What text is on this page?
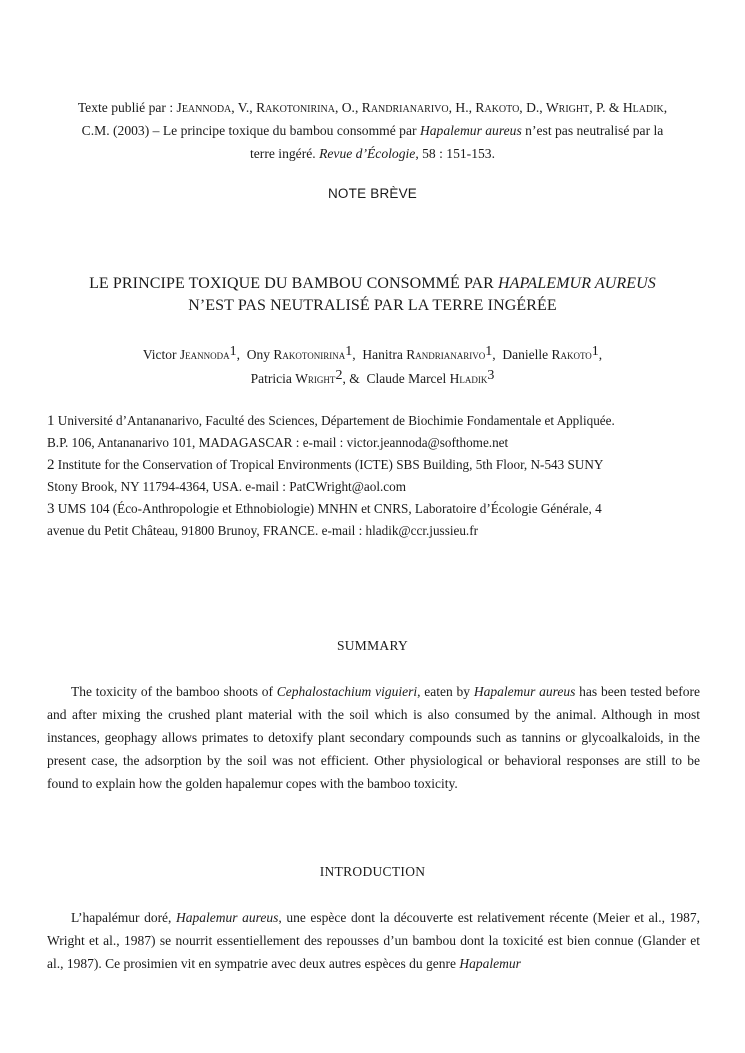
Texte publié par : Jeannoda, V., Rakotonirina, O., Randrianarivo, H., Rakoto, D., Wright, P. & Hladik,
C.M. (2003) – Le principe toxique du bambou consommé par Hapalemur aureus n’est pas neutralisé par la
terre ingéré. Revue d’Écologie, 58 : 151-153.
NOTE BRÈVE
LE PRINCIPE TOXIQUE DU BAMBOU CONSOMMÉ PAR HAPALEMUR AUREUS
N’EST PAS NEUTRALISÉ PAR LA TERRE INGÉRÉE
Victor Jeannoda1,  Ony Rakotonirina1,  Hanitra Randrianarivo1,  Danielle Rakoto1,
Patricia Wright2, &  Claude Marcel Hladik3
1 Université d’Antananarivo, Faculté des Sciences, Département de Biochimie Fondamentale et Appliquée.
B.P. 106, Antananarivo 101, MADAGASCAR : e-mail : victor.jeannoda@softhome.net
2 Institute for the Conservation of Tropical Environments (ICTE) SBS Building, 5th Floor, N-543 SUNY
Stony Brook, NY 11794-4364, USA. e-mail : PatCWright@aol.com
3 UMS 104 (Éco-Anthropologie et Ethnobiologie) MNHN et CNRS, Laboratoire d’Écologie Générale, 4
avenue du Petit Château, 91800 Brunoy, FRANCE. e-mail : hladik@ccr.jussieu.fr
SUMMARY

The toxicity of the bamboo shoots of Cephalostachium viguieri, eaten by Hapalemur aureus has been tested before and after mixing the crushed plant material with the soil which is also consumed by the animal. Although in most instances, geophagy allows primates to detoxify plant secondary compounds such as tannins or glycoalkaloids, in the present case, the adsorption by the soil was not efficient. Other physiological or behavioral responses are still to be found to explain how the golden hapalemur copes with the bamboo toxicity.

INTRODUCTION

L’hapalémur doré, Hapalemur aureus, une espèce dont la découverte est relativement récente (Meier et al., 1987, Wright et al., 1987) se nourrit essentiellement des repousses d’un bambou dont la toxicité est bien connue (Glander et al., 1987). Ce prosimien vit en sympatrie avec deux autres espèces du genre Hapalemur
